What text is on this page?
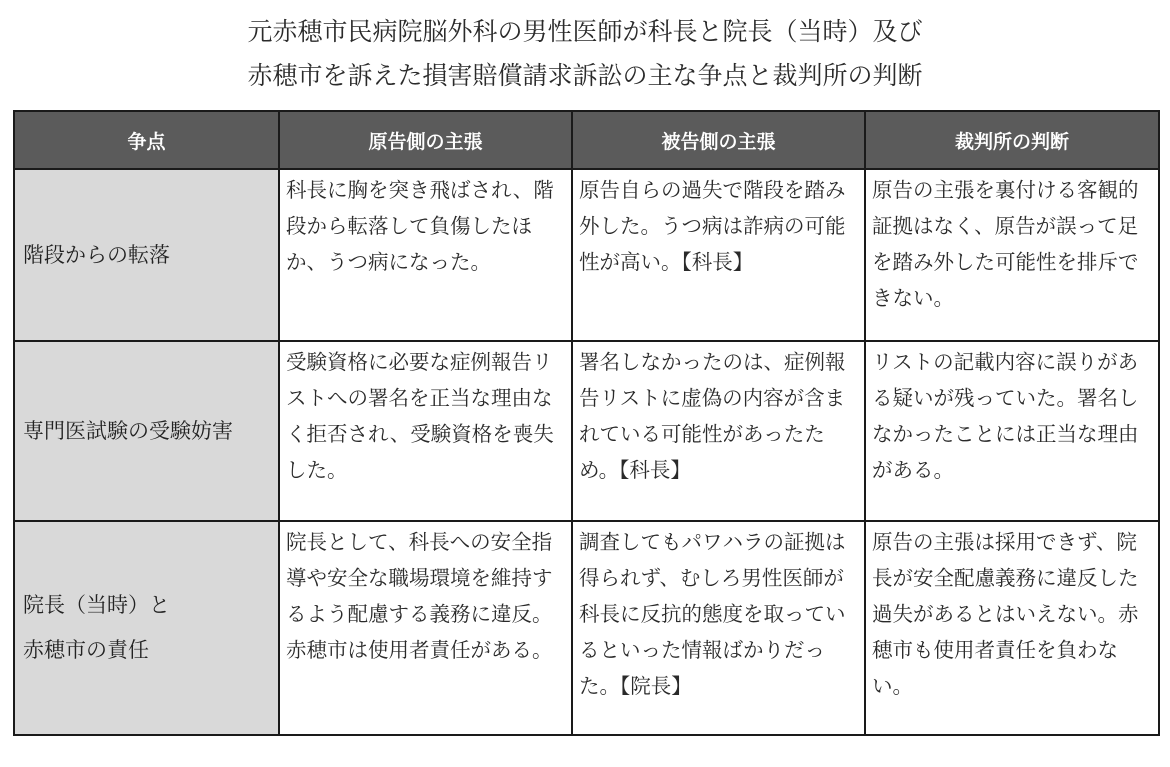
元赤穂市民病院脳外科の男性医師が科長と院長（当時）及び
赤穂市を訴えた損害賠償請求訴訟の主な争点と裁判所の判断
争点	原告側の主張	被告側の主張	裁判所の判断

階段からの転落	科長に胸を突き飛ばされ、階段から転落して負傷したほか、うつ病になった。	原告自らの過失で階段を踏み外した。うつ病は詐病の可能性が高い。【科長】	原告の主張を裏付ける客観的証拠はなく、原告が誤って足を踏み外した可能性を排斥できない。

専門医試験の受験妨害	受験資格に必要な症例報告リストへの署名を正当な理由なく拒否され、受験資格を喪失した。	署名しなかったのは、症例報告リストに虚偽の内容が含まれている可能性があったため。【科長】	リストの記載内容に誤りがある疑いが残っていた。署名しなかったことには正当な理由がある。

院長（当時）と
赤穂市の責任	院長として、科長への安全指導や安全な職場環境を維持するよう配慮する義務に違反。赤穂市は使用者責任がある。	調査してもパワハラの証拠は得られず、むしろ男性医師が科長に反抗的態度を取っているといった情報ばかりだった。【院長】	原告の主張は採用できず、院長が安全配慮義務に違反した過失があるとはいえない。赤穂市も使用者責任を負わない。
